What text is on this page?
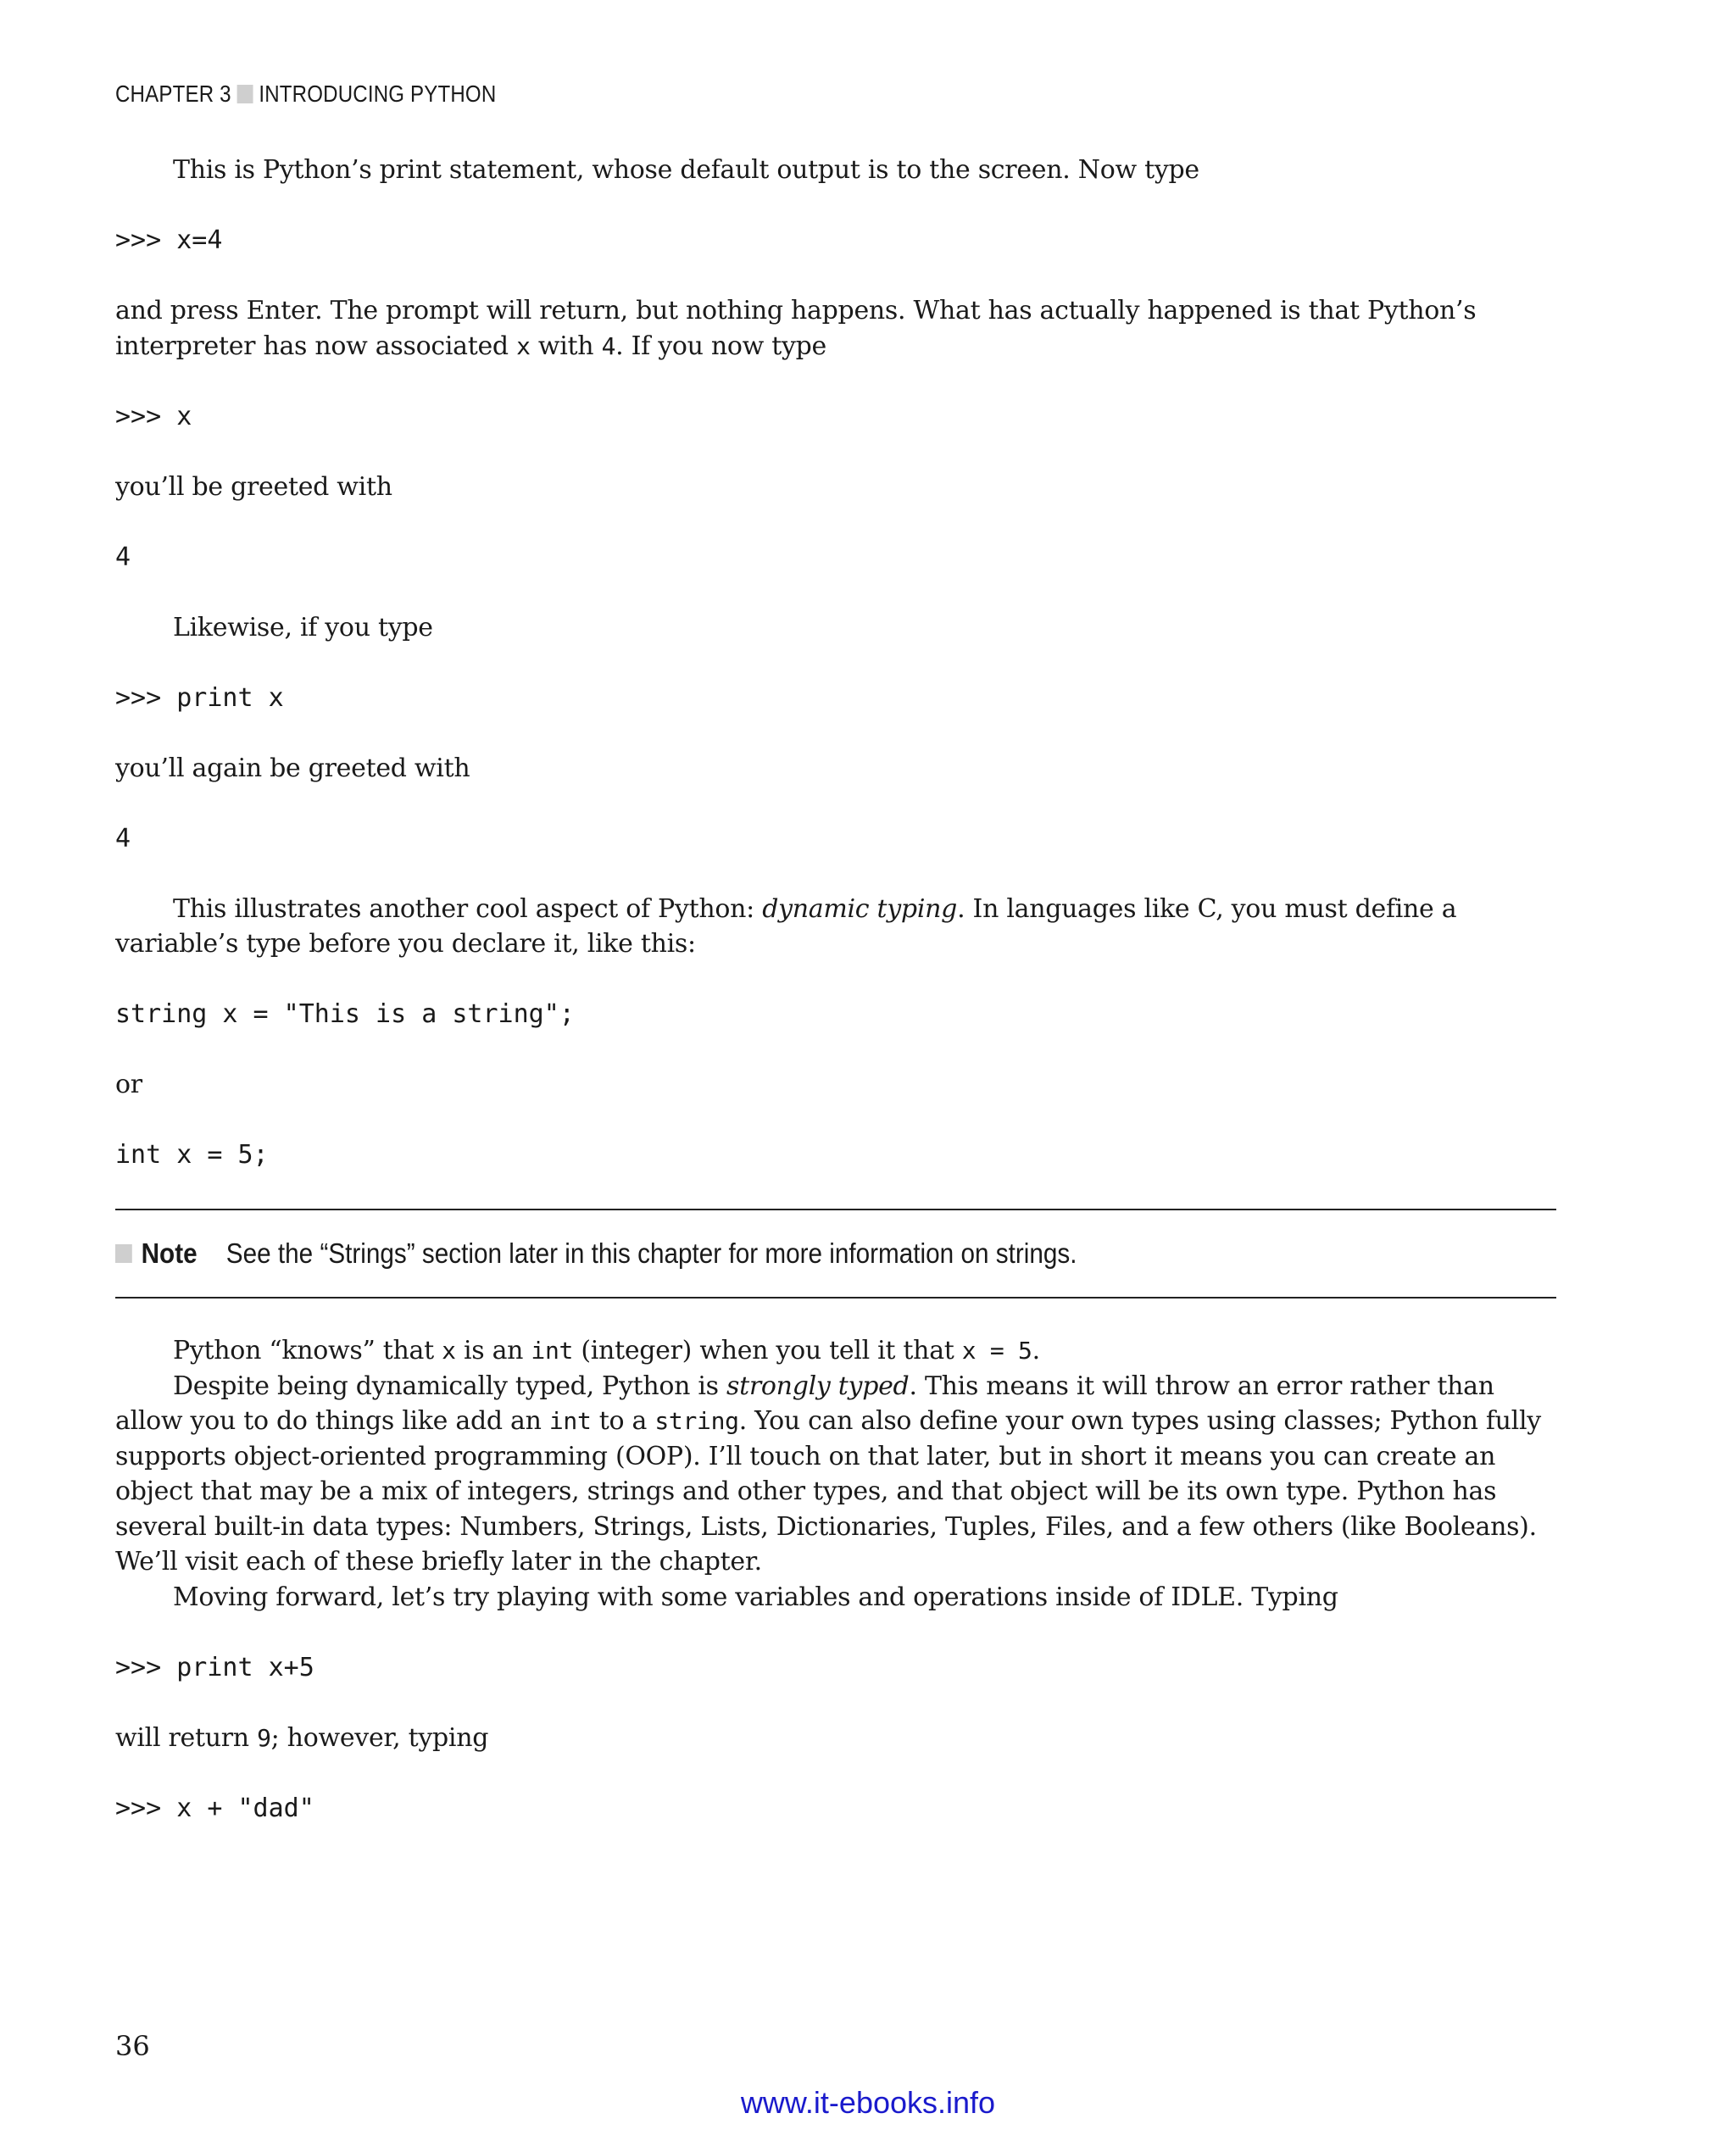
CHAPTER 3 INTRODUCING PYTHON

This is Python’s print statement, whose default output is to the screen. Now type

>>> x=4

and press Enter. The prompt will return, but nothing happens. What has actually happened is that Python’s interpreter has now associated x with 4. If you now type

>>> x

you’ll be greeted with

4

Likewise, if you type

>>> print x

you’ll again be greeted with

4

This illustrates another cool aspect of Python: dynamic typing. In languages like C, you must define a variable’s type before you declare it, like this:

string x = "This is a string";

or

int x = 5;

Note See the “Strings” section later in this chapter for more information on strings.

Python “knows” that x is an int (integer) when you tell it that x = 5.

Despite being dynamically typed, Python is strongly typed. This means it will throw an error rather than allow you to do things like add an int to a string. You can also define your own types using classes; Python fully supports object-oriented programming (OOP). I’ll touch on that later, but in short it means you can create an object that may be a mix of integers, strings and other types, and that object will be its own type. Python has several built-in data types: Numbers, Strings, Lists, Dictionaries, Tuples, Files, and a few others (like Booleans). We’ll visit each of these briefly later in the chapter.

Moving forward, let’s try playing with some variables and operations inside of IDLE. Typing

>>> print x+5

will return 9; however, typing

>>> x + "dad"

36
www.it-ebooks.info
